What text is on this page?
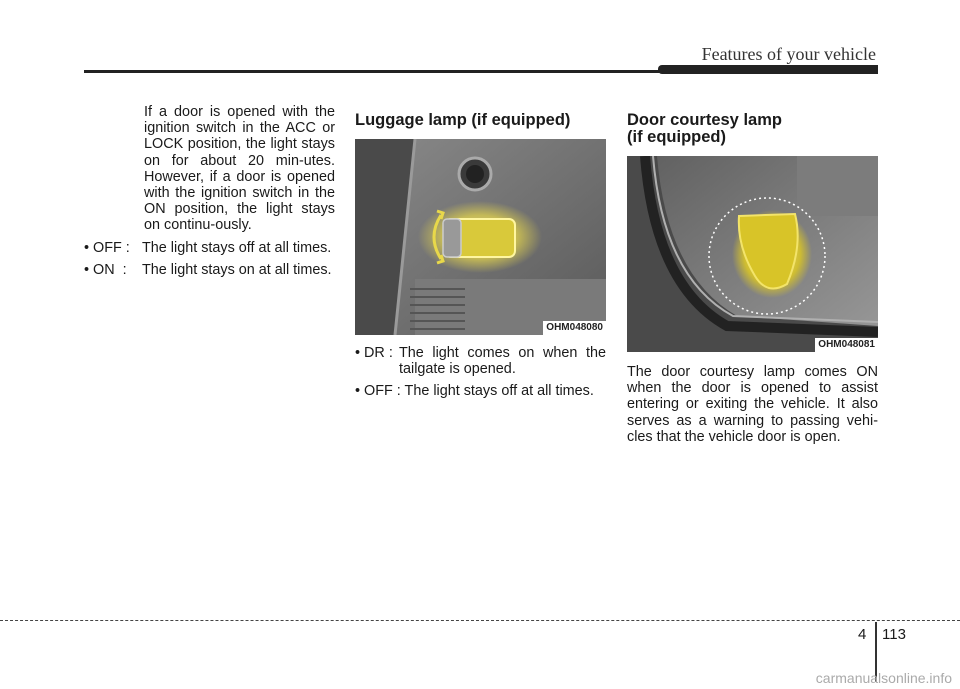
Features of your vehicle
If a door is opened with the ignition switch in the ACC or LOCK position, the light stays on for about 20 min-utes. However, if a door is opened with the ignition switch in the ON position, the light stays on continu-ously.
• OFF : The light stays off at all times.
• ON  : The light stays on at all times.
Luggage lamp (if equipped)
OHM048080
• DR : The light comes on when the tailgate is opened.
• OFF : The light stays off at all times.
Door courtesy lamp
(if equipped)
OHM048081
The door courtesy lamp comes ON when the door is opened to assist entering or exiting the vehicle. It also serves as a warning to passing vehi-cles that the vehicle door is open.
4 113
carmanualsonline.info
